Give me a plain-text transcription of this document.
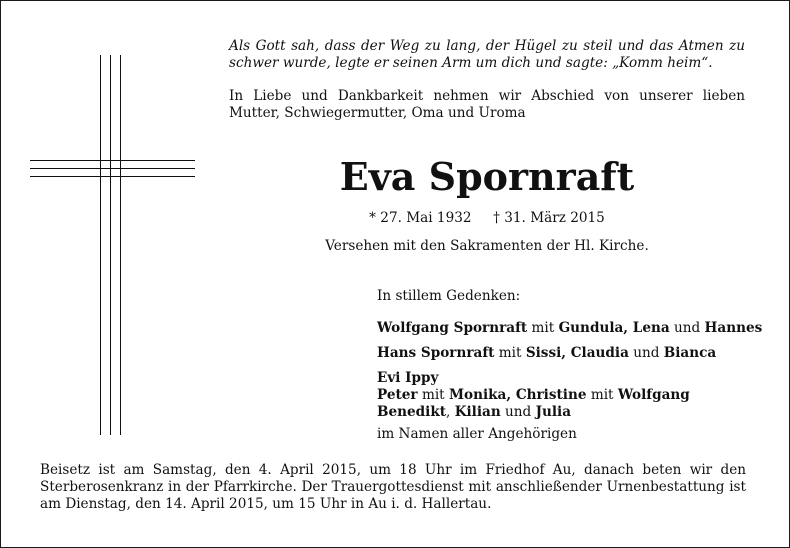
Als Gott sah, dass der Weg zu lang, der Hügel zu steil und das Atmen zu schwer wurde, legte er seinen Arm um dich und sagte: „Komm heim“.
In Liebe und Dankbarkeit nehmen wir Abschied von unserer lieben Mutter, Schwiegermutter, Oma und Uroma
Eva Spornraft
* 27. Mai 1932 † 31. März 2015
Versehen mit den Sakramenten der Hl. Kirche.
In stillem Gedenken:
Wolfgang Spornraft mit Gundula, Lena und Hannes
Hans Spornraft mit Sissi, Claudia und Bianca
Evi Ippy
Peter mit Monika, Christine mit Wolfgang
Benedikt, Kilian und Julia
im Namen aller Angehörigen
Beisetz ist am Samstag, den 4. April 2015, um 18 Uhr im Friedhof Au, danach beten wir den Sterberosenkranz in der Pfarrkirche. Der Trauergottesdienst mit anschließender Urnenbestattung ist am Dienstag, den 14. April 2015, um 15 Uhr in Au i. d. Hallertau.
